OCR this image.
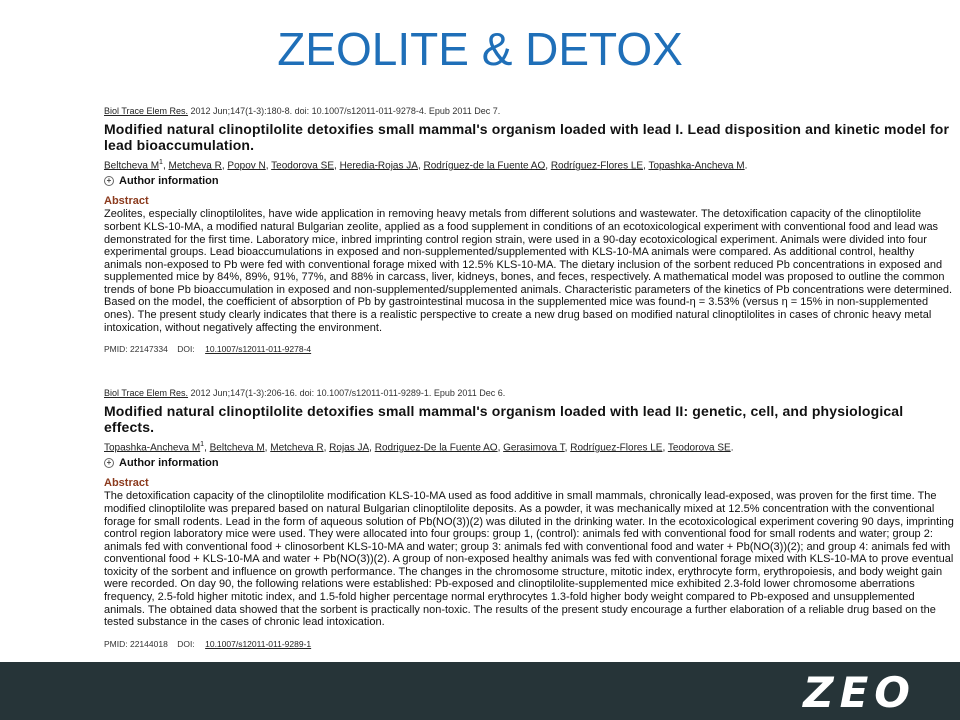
ZEOLITE & DETOX
Biol Trace Elem Res. 2012 Jun;147(1-3):180-8. doi: 10.1007/s12011-011-9278-4. Epub 2011 Dec 7.
Modified natural clinoptilolite detoxifies small mammal's organism loaded with lead I. Lead disposition and kinetic model for lead bioaccumulation.
Beltcheva $M^1$, Metcheva R, Popov N, Teodorova SE, Heredia-Rojas JA, Rodríguez-de la Fuente AO, Rodríguez-Flores LE, Topashka-Ancheva M.
+ Author information
Abstract
Zeolites, especially clinoptilolites, have wide application in removing heavy metals from different solutions and wastewater. The detoxification capacity of the clinoptilolite sorbent KLS-10-MA, a modified natural Bulgarian zeolite, applied as a food supplement in conditions of an ecotoxicological experiment with conventional food and lead was demonstrated for the first time. Laboratory mice, inbred imprinting control region strain, were used in a 90-day ecotoxicological experiment. Animals were divided into four experimental groups. Lead bioaccumulations in exposed and non-supplemented/supplemented with KLS-10-MA animals were compared. As additional control, healthy animals non-exposed to Pb were fed with conventional forage mixed with 12.5% KLS-10-MA. The dietary inclusion of the sorbent reduced Pb concentrations in exposed and supplemented mice by 84%, 89%, 91%, 77%, and 88% in carcass, liver, kidneys, bones, and feces, respectively. A mathematical model was proposed to outline the common trends of bone Pb bioaccumulation in exposed and non-supplemented/supplemented animals. Characteristic parameters of the kinetics of Pb concentrations were determined. Based on the model, the coefficient of absorption of Pb by gastrointestinal mucosa in the supplemented mice was found-η = 3.53% (versus η = 15% in non-supplemented ones). The present study clearly indicates that there is a realistic perspective to create a new drug based on modified natural clinoptilolites in cases of chronic heavy metal intoxication, without negatively affecting the environment.
PMID: 22147334 DOI: 10.1007/s12011-011-9278-4
Biol Trace Elem Res. 2012 Jun;147(1-3):206-16. doi: 10.1007/s12011-011-9289-1. Epub 2011 Dec 6.
Modified natural clinoptilolite detoxifies small mammal's organism loaded with lead II: genetic, cell, and physiological effects.
Topashka-Ancheva $M^1$, Beltcheva M, Metcheva R, Rojas JA, Rodriguez-De la Fuente AO, Gerasimova T, Rodríguez-Flores LE, Teodorova SE.
+ Author information
Abstract
The detoxification capacity of the clinoptilolite modification KLS-10-MA used as food additive in small mammals, chronically lead-exposed, was proven for the first time. The modified clinoptilolite was prepared based on natural Bulgarian clinoptilolite deposits. As a powder, it was mechanically mixed at 12.5% concentration with the conventional forage for small rodents. Lead in the form of aqueous solution of Pb(NO(3))(2) was diluted in the drinking water. In the ecotoxicological experiment covering 90 days, imprinting control region laboratory mice were used. They were allocated into four groups: group 1, (control): animals fed with conventional food for small rodents and water; group 2: animals fed with conventional food + clinosorbent KLS-10-MA and water; group 3: animals fed with conventional food and water + Pb(NO(3))(2); and group 4: animals fed with conventional food + KLS-10-MA and water + Pb(NO(3))(2). A group of non-exposed healthy animals was fed with conventional forage mixed with KLS-10-MA to prove eventual toxicity of the sorbent and influence on growth performance. The changes in the chromosome structure, mitotic index, erythrocyte form, erythropoiesis, and body weight gain were recorded. On day 90, the following relations were established: Pb-exposed and clinoptilolite-supplemented mice exhibited 2.3-fold lower chromosome aberrations frequency, 2.5-fold higher mitotic index, and 1.5-fold higher percentage normal erythrocytes 1.3-fold higher body weight compared to Pb-exposed and unsupplemented animals. The obtained data showed that the sorbent is practically non-toxic. The results of the present study encourage a further elaboration of a reliable drug based on the tested substance in the cases of chronic lead intoxication.
PMID: 22144018 DOI: 10.1007/s12011-011-9289-1
ZEO
